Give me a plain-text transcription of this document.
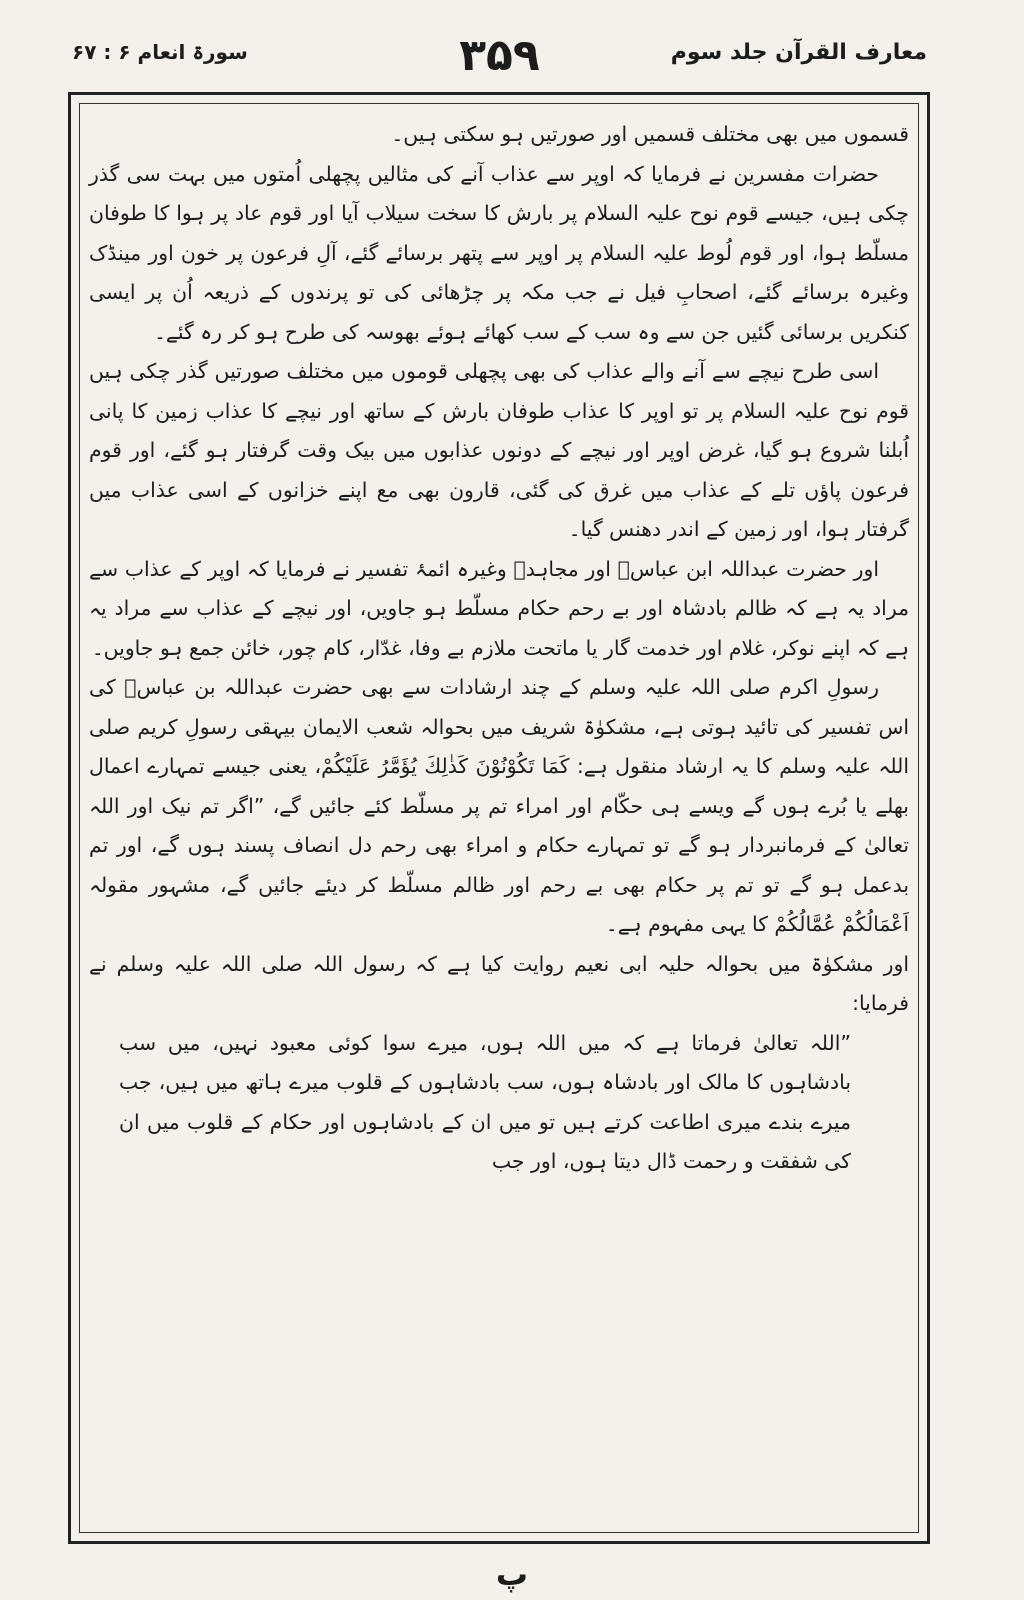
معارف القرآن جلد سوم
۳۵۹
سورۃ انعام ۶ : ۶۷

قسموں میں بھی مختلف قسمیں اور صورتیں ہو سکتی ہیں۔

حضرات مفسرین نے فرمایا کہ اوپر سے عذاب آنے کی مثالیں پچھلی اُمتوں میں بہت سی گذر چکی ہیں، جیسے قوم نوح علیہ السلام پر بارش کا سخت سیلاب آیا اور قوم عاد پر ہوا کا طوفان مسلّط ہوا، اور قوم لُوط علیہ السلام پر اوپر سے پتھر برسائے گئے، آلِ فرعون پر خون اور مینڈک وغیرہ برسائے گئے، اصحابِ فیل نے جب مکہ پر چڑھائی کی تو پرندوں کے ذریعہ اُن پر ایسی کنکریں برسائی گئیں جن سے وہ سب کے سب کھائے ہوئے بھوسہ کی طرح ہو کر رہ گئے۔

اسی طرح نیچے سے آنے والے عذاب کی بھی پچھلی قوموں میں مختلف صورتیں گذر چکی ہیں قوم نوح علیہ السلام پر تو اوپر کا عذاب طوفان بارش کے ساتھ اور نیچے کا عذاب زمین کا پانی اُبلنا شروع ہو گیا، غرض اوپر اور نیچے کے دونوں عذابوں میں بیک وقت گرفتار ہو گئے، اور قوم فرعون پاؤں تلے کے عذاب میں غرق کی گئی، قارون بھی مع اپنے خزانوں کے اسی عذاب میں گرفتار ہوا، اور زمین کے اندر دھنس گیا۔

اور حضرت عبداللہ ابن عباسؓ اور مجاہدؒ وغیرہ ائمۂ تفسیر نے فرمایا کہ اوپر کے عذاب سے مراد یہ ہے کہ ظالم بادشاہ اور بے رحم حکام مسلّط ہو جاویں، اور نیچے کے عذاب سے مراد یہ ہے کہ اپنے نوکر، غلام اور خدمت گار یا ماتحت ملازم بے وفا، غدّار، کام چور، خائن جمع ہو جاویں۔

رسولِ اکرم صلی اللہ علیہ وسلم کے چند ارشادات سے بھی حضرت عبداللہ بن عباسؓ کی اس تفسیر کی تائید ہوتی ہے، مشکوٰۃ شریف میں بحوالہ شعب الایمان بیہقی رسولِ کریم صلی اللہ علیہ وسلم کا یہ ارشاد منقول ہے: کَمَا تَکُوْنُوْنَ کَذٰلِكَ یُؤَمَّرُ عَلَیْکُمْ، یعنی جیسے تمہارے اعمال بھلے یا بُرے ہوں گے ویسے ہی حکّام اور امراء تم پر مسلّط کئے جائیں گے، ”اگر تم نیک اور اللہ تعالیٰ کے فرمانبردار ہو گے تو تمہارے حکام و امراء بھی رحم دل انصاف پسند ہوں گے، اور تم بدعمل ہو گے تو تم پر حکام بھی بے رحم اور ظالم مسلّط کر دیئے جائیں گے، مشہور مقولہ اَعْمَالُکُمْ عُمَّالُکُمْ کا یہی مفہوم ہے۔

اور مشکوٰۃ میں بحوالہ حلیہ ابی نعیم روایت کیا ہے کہ رسول اللہ صلی اللہ علیہ وسلم نے فرمایا:

”اللہ تعالیٰ فرماتا ہے کہ میں اللہ ہوں، میرے سوا کوئی معبود نہیں، میں سب بادشاہوں کا مالک اور بادشاہ ہوں، سب بادشاہوں کے قلوب میرے ہاتھ میں ہیں، جب میرے بندے میری اطاعت کرتے ہیں تو میں ان کے بادشاہوں اور حکام کے قلوب میں ان کی شفقت و رحمت ڈال دیتا ہوں، اور جب

پ
